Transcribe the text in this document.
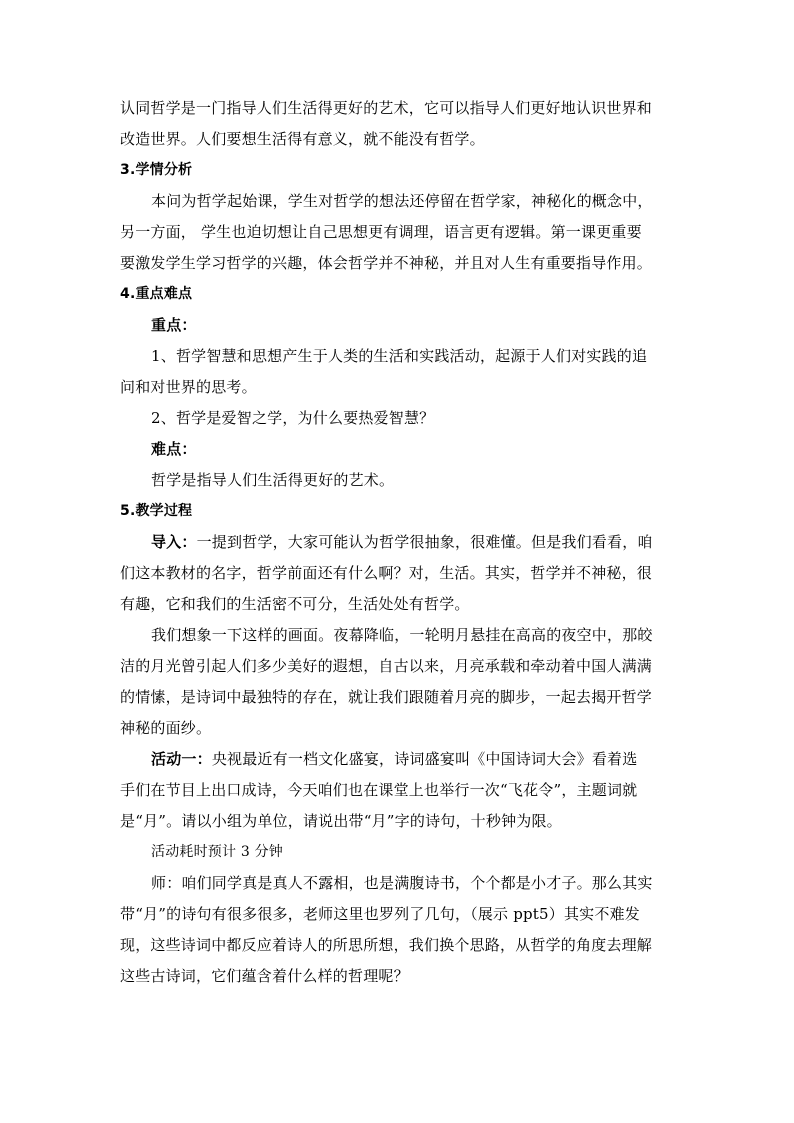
认同哲学是一门指导人们生活得更好的艺术，它可以指导人们更好地认识世界和
改造世界。人们要想生活得有意义，就不能没有哲学。
3.学情分析
本问为哲学起始课，学生对哲学的想法还停留在哲学家，神秘化的概念中，
另一方面， 学生也迫切想让自己思想更有调理，语言更有逻辑。第一课更重要
要激发学生学习哲学的兴趣，体会哲学并不神秘，并且对人生有重要指导作用。
4.重点难点
重点：
1、哲学智慧和思想产生于人类的生活和实践活动，起源于人们对实践的追
问和对世界的思考。
2、哲学是爱智之学，为什么要热爱智慧？
难点：
哲学是指导人们生活得更好的艺术。
5.教学过程
导入：一提到哲学，大家可能认为哲学很抽象，很难懂。但是我们看看，咱
们这本教材的名字，哲学前面还有什么啊？对，生活。其实，哲学并不神秘，很
有趣，它和我们的生活密不可分，生活处处有哲学。
我们想象一下这样的画面。夜幕降临，一轮明月悬挂在高高的夜空中，那皎
洁的月光曾引起人们多少美好的遐想，自古以来，月亮承载和牵动着中国人满满
的情愫，是诗词中最独特的存在，就让我们跟随着月亮的脚步，一起去揭开哲学
神秘的面纱。
活动一：央视最近有一档文化盛宴，诗词盛宴叫《中国诗词大会》看着选
手们在节目上出口成诗，今天咱们也在课堂上也举行一次“飞花令”，主题词就
是“月”。请以小组为单位，请说出带“月”字的诗句，十秒钟为限。
活动耗时预计 3 分钟
师：咱们同学真是真人不露相，也是满腹诗书，个个都是小才子。那么其实
带“月”的诗句有很多很多，老师这里也罗列了几句，（展示 ppt5）其实不难发
现，这些诗词中都反应着诗人的所思所想，我们换个思路，从哲学的角度去理解
这些古诗词，它们蕴含着什么样的哲理呢？
